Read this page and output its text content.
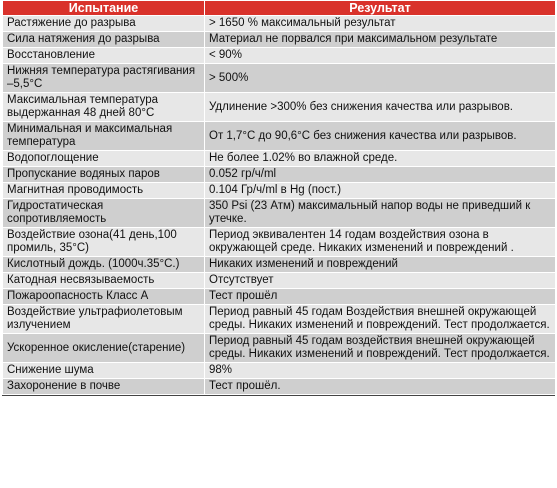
Испытание	Результат
Растяжение до разрыва	> 1650 % максимальный результат
Сила натяжения до разрыва	Материал не порвался при максимальном результате
Восстановление	< 90%
Нижняя температура растягивания –5,5°С	> 500%
Максимальная температура выдержанная 48 дней 80°С	Удлинение >300% без снижения качества или разрывов.
Минимальная и максимальная температура	От 1,7°С до 90,6°С без снижения качества или разрывов.
Водопоглощение	Не более 1.02% во влажной среде.
Пропускание водяных паров	0.052 гр/ч/ml
Магнитная проводимость	0.104 Гр/ч/ml в Hg (пост.)
Гидростатическая сопротивляемость	350 Psi (23 Атм) максимальный напор воды не приведший к утечке.
Воздействие озона(41 день,100 промиль, 35°С)	Период эквивалентен 14 годам воздействия озона в окружающей среде. Никаких изменений и повреждений .
Кислотный дождь. (1000ч.35°С.)	Никаких изменений и повреждений
Катодная несвязываемость	Отсутствует
Пожароопасность Класс А	Тест прошёл
Воздействие ультрафиолетовым излучением	Период равный 45 годам Воздействия внешней окружающей среды. Никаких изменений и повреждений. Тест продолжается.
Ускоренное окисление(старение)	Период равный 45 годам воздействия внешней окружающей среды. Никаких изменений и повреждений. Тест продолжается.
Снижение шума	98%
Захоронение в почве	Тест прошёл.
